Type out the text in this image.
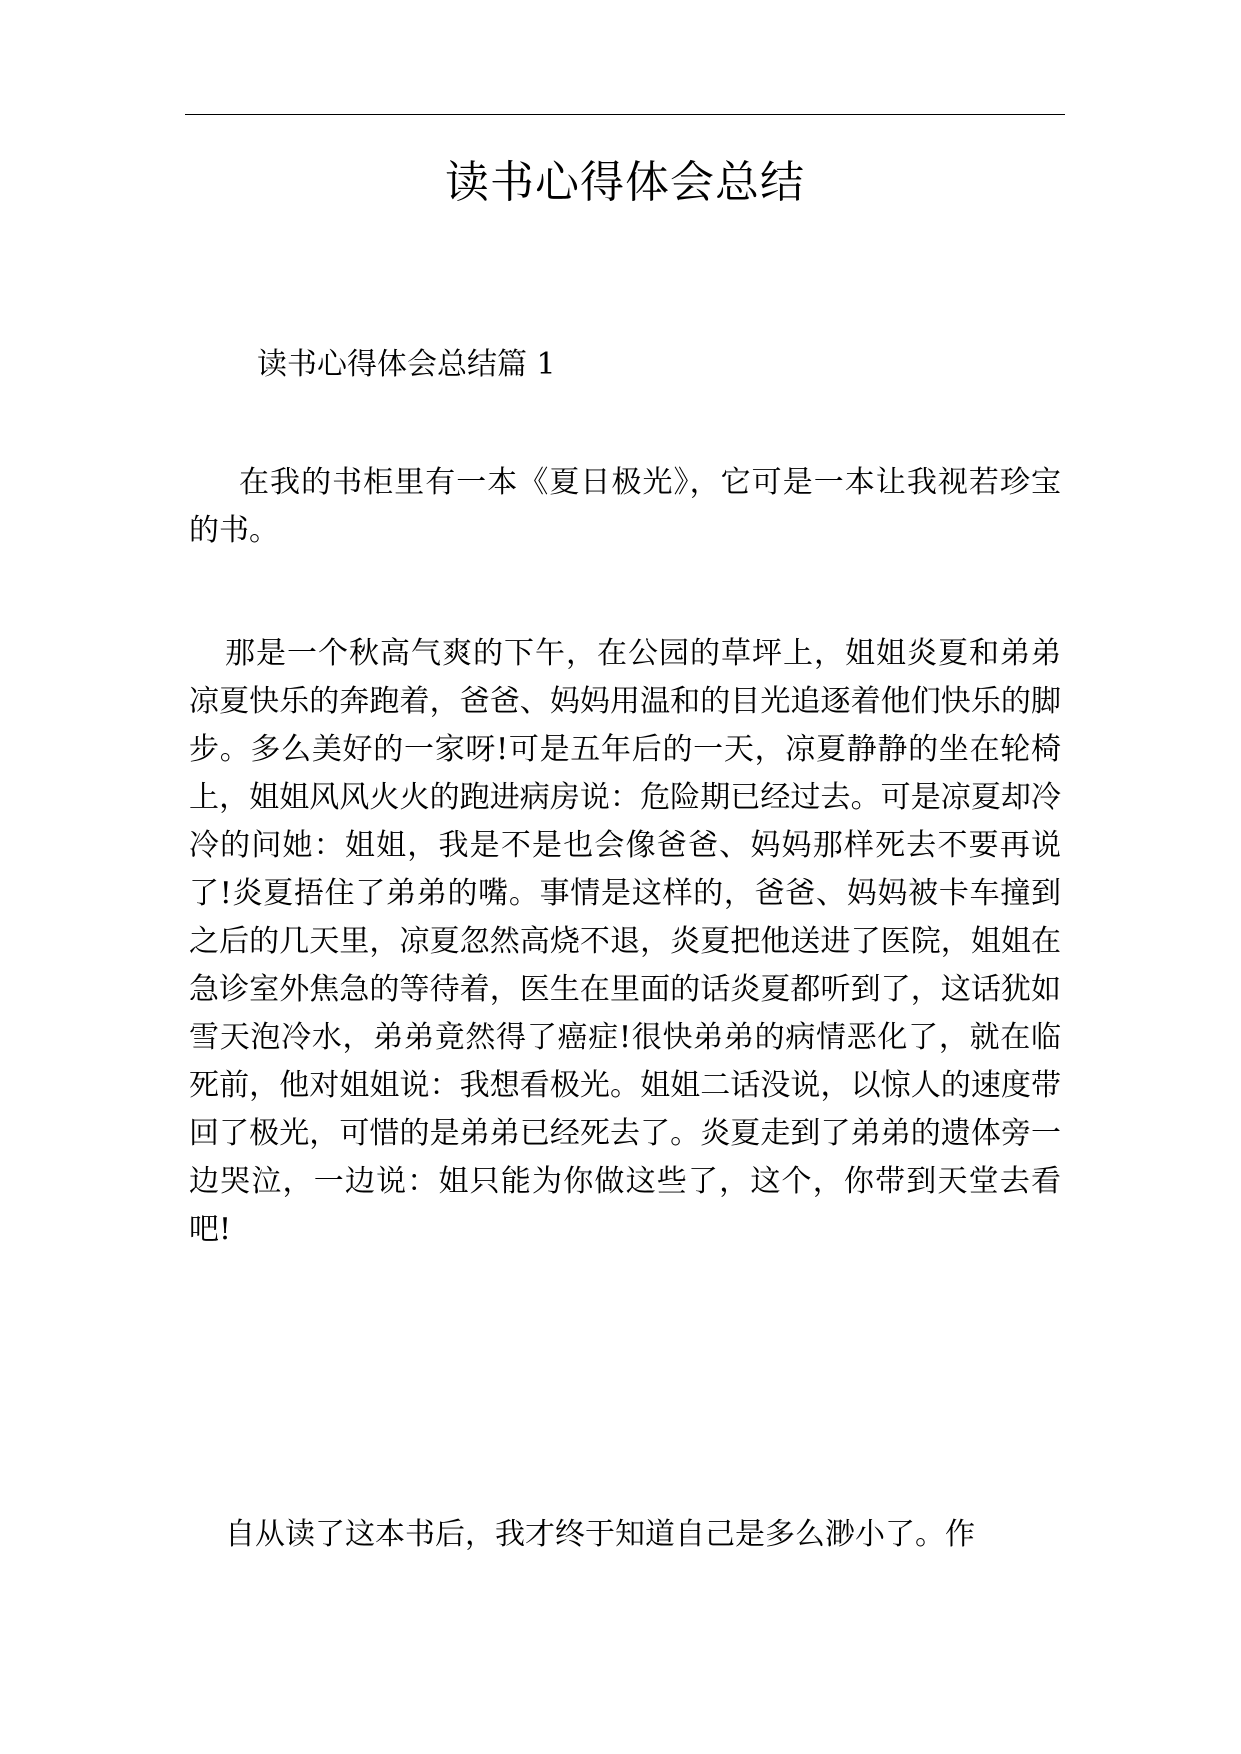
读书心得体会总结
读书心得体会总结篇 1

在我的书柜里有一本《夏日极光》，它可是一本让我视若珍宝的书。

那是一个秋高气爽的下午，在公园的草坪上，姐姐炎夏和弟弟凉夏快乐的奔跑着，爸爸、妈妈用温和的目光追逐着他们快乐的脚步。多么美好的一家呀!可是五年后的一天，凉夏静静的坐在轮椅上，姐姐风风火火的跑进病房说：危险期已经过去。可是凉夏却冷冷的问她：姐姐，我是不是也会像爸爸、妈妈那样死去不要再说了!炎夏捂住了弟弟的嘴。事情是这样的，爸爸、妈妈被卡车撞到之后的几天里，凉夏忽然高烧不退，炎夏把他送进了医院，姐姐在急诊室外焦急的等待着，医生在里面的话炎夏都听到了，这话犹如雪天泡冷水，弟弟竟然得了癌症!很快弟弟的病情恶化了，就在临死前，他对姐姐说：我想看极光。姐姐二话没说，以惊人的速度带回了极光，可惜的是弟弟已经死去了。炎夏走到了弟弟的遗体旁一边哭泣，一边说：姐只能为你做这些了，这个，你带到天堂去看吧!

自从读了这本书后，我才终于知道自己是多么渺小了。作
